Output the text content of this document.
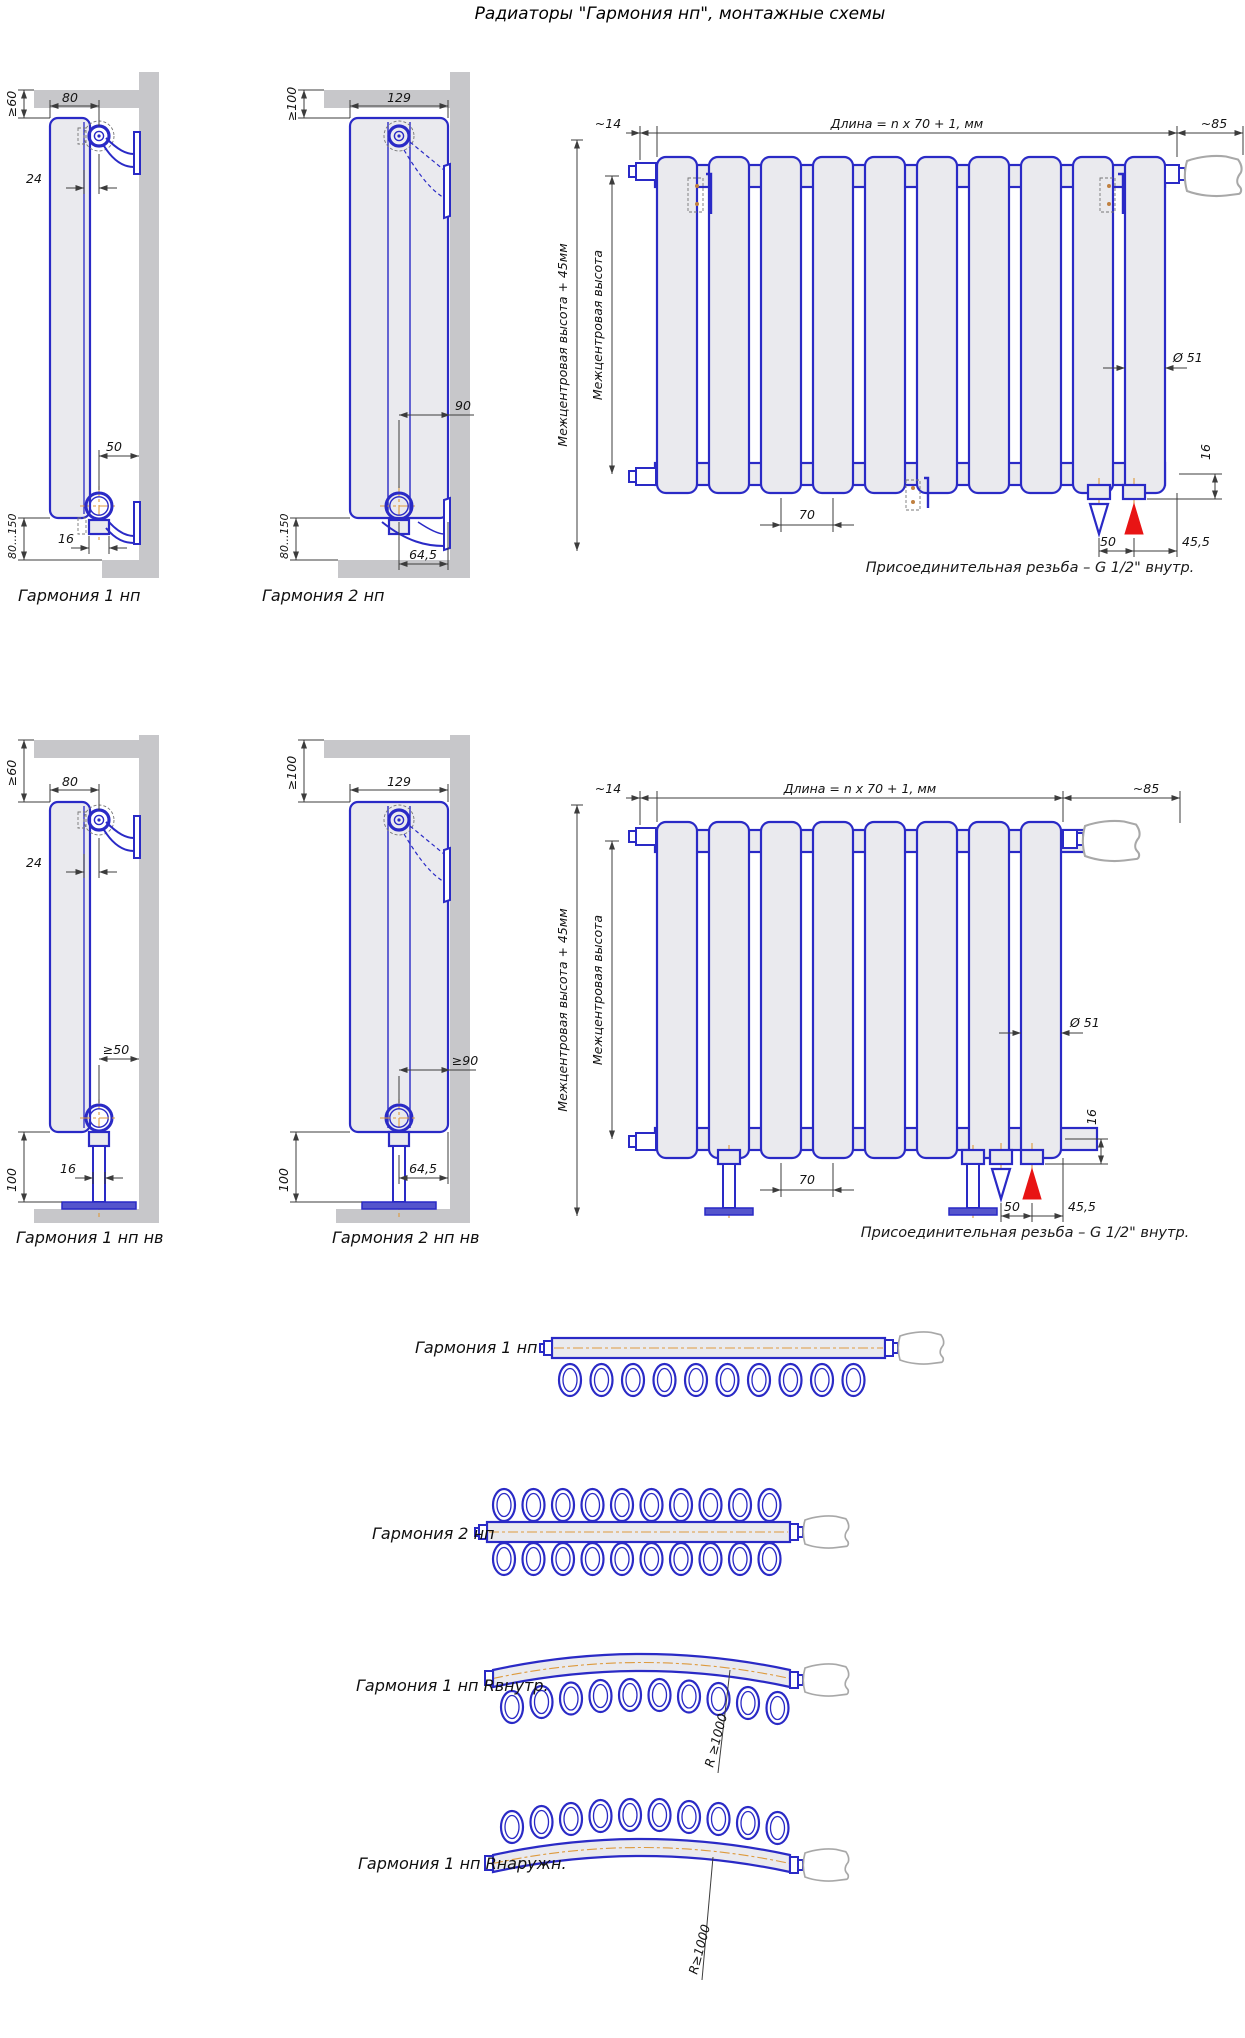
Радиаторы "Гармония нп", монтажные схемы
≥60	80
24
50
16
80...150
≥100	129
90
64,5
80...150
~14	Длина = n x 70 + 1, мм	~85
Межцентровая высота + 45мм Межцентровая высота	Ø 51
70
50	45,5
16
Гармония 1 нп	Гармония 2 нп
Присоединительная резьба – G 1/2" внутр.
≥60	80
24
≥50
16
100
≥100	129
≥90
64,5
100
~14	Длина = n x 70 + 1, мм	~85
Межцентровая высота + 45мм Межцентровая высота	Ø 51
70
50	45,5
16
Гармония 1 нп нв	Гармония 2 нп нв	Присоединительная резьба – G 1/2" внутр.
R ≥1000
R≥1000
Гармония 1 нп
Гармония 2 нп
Гармония 1 нп Rвнутр.
Гармония 1 нп Rнаружн.
